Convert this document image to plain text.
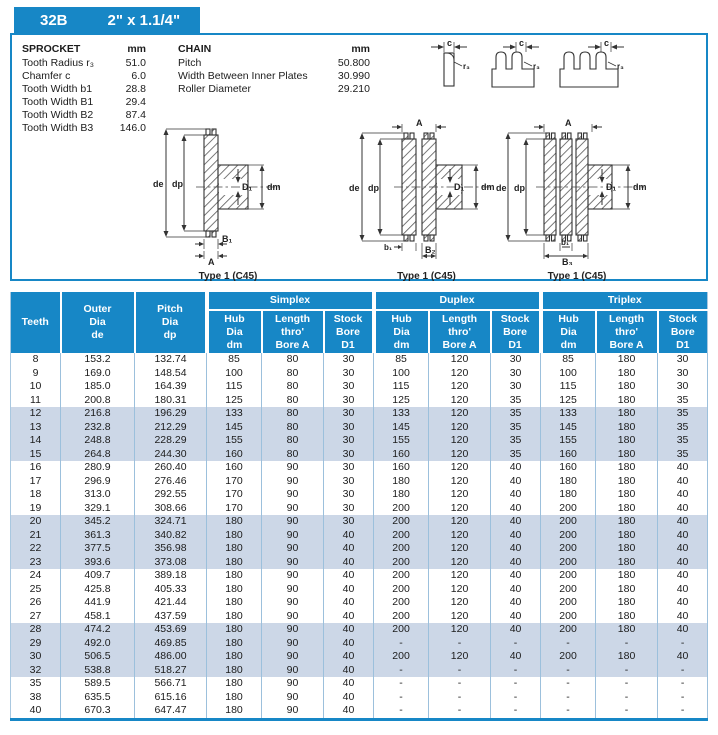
32B	2" x 1.1/4"
SPROCKET	mm
Tooth Radius r₃	51.0
Chamfer c	6.0
Tooth Width b1	28.8
Tooth Width B1	29.4
Tooth Width B2	87.4
Tooth Width B3	146.0
CHAIN	mm
Pitch	50.800
Width Between Inner Plates	30.990
Roller Diameter	29.210
c
r₃
c
r₃
c
r₃
de dp	D₁ dm
B₁
A
Type 1 (C45)
A
de dp	D₁ dm
b₁	B₂
Type 1 (C45)
A
de dp	D₁ dm
b₁
B₃
Type 1 (C45)
Teeth

Outer
Dia
de

Pitch
Dia
dp
	Simplex	Duplex	Triplex

Hub
Dia
dm

Length
thro'
Bore A

Stock
Bore
D1

Hub
Dia
dm

Length
thro'
Bore A

Stock
Bore
D1

Hub
Dia
dm

Length
thro'
Bore A

Stock
Bore
D1

8	153.2	132.74	85	80	30	85	120	30	85	180	30
9	169.0	148.54	100	80	30	100	120	30	100	180	30
10	185.0	164.39	115	80	30	115	120	30	115	180	30
11	200.8	180.31	125	80	30	125	120	35	125	180	35
12	216.8	196.29	133	80	30	133	120	35	133	180	35
13	232.8	212.29	145	80	30	145	120	35	145	180	35
14	248.8	228.29	155	80	30	155	120	35	155	180	35
15	264.8	244.30	160	80	30	160	120	35	160	180	35
16	280.9	260.40	160	90	30	160	120	40	160	180	40
17	296.9	276.46	170	90	30	180	120	40	180	180	40
18	313.0	292.55	170	90	30	180	120	40	180	180	40
19	329.1	308.66	170	90	30	200	120	40	200	180	40
20	345.2	324.71	180	90	30	200	120	40	200	180	40
21	361.3	340.82	180	90	40	200	120	40	200	180	40
22	377.5	356.98	180	90	40	200	120	40	200	180	40
23	393.6	373.08	180	90	40	200	120	40	200	180	40
24	409.7	389.18	180	90	40	200	120	40	200	180	40
25	425.8	405.33	180	90	40	200	120	40	200	180	40
26	441.9	421.44	180	90	40	200	120	40	200	180	40
27	458.1	437.59	180	90	40	200	120	40	200	180	40
28	474.2	453.69	180	90	40	200	120	40	200	180	40
29	492.0	469.85	180	90	40	-	-	-	-	-	-
30	506.5	486.00	180	90	40	200	120	40	200	180	40
32	538.8	518.27	180	90	40	-	-	-	-	-	-
35	589.5	566.71	180	90	40	-	-	-	-	-	-
38	635.5	615.16	180	90	40	-	-	-	-	-	-
40	670.3	647.47	180	90	40	-	-	-	-	-	-
